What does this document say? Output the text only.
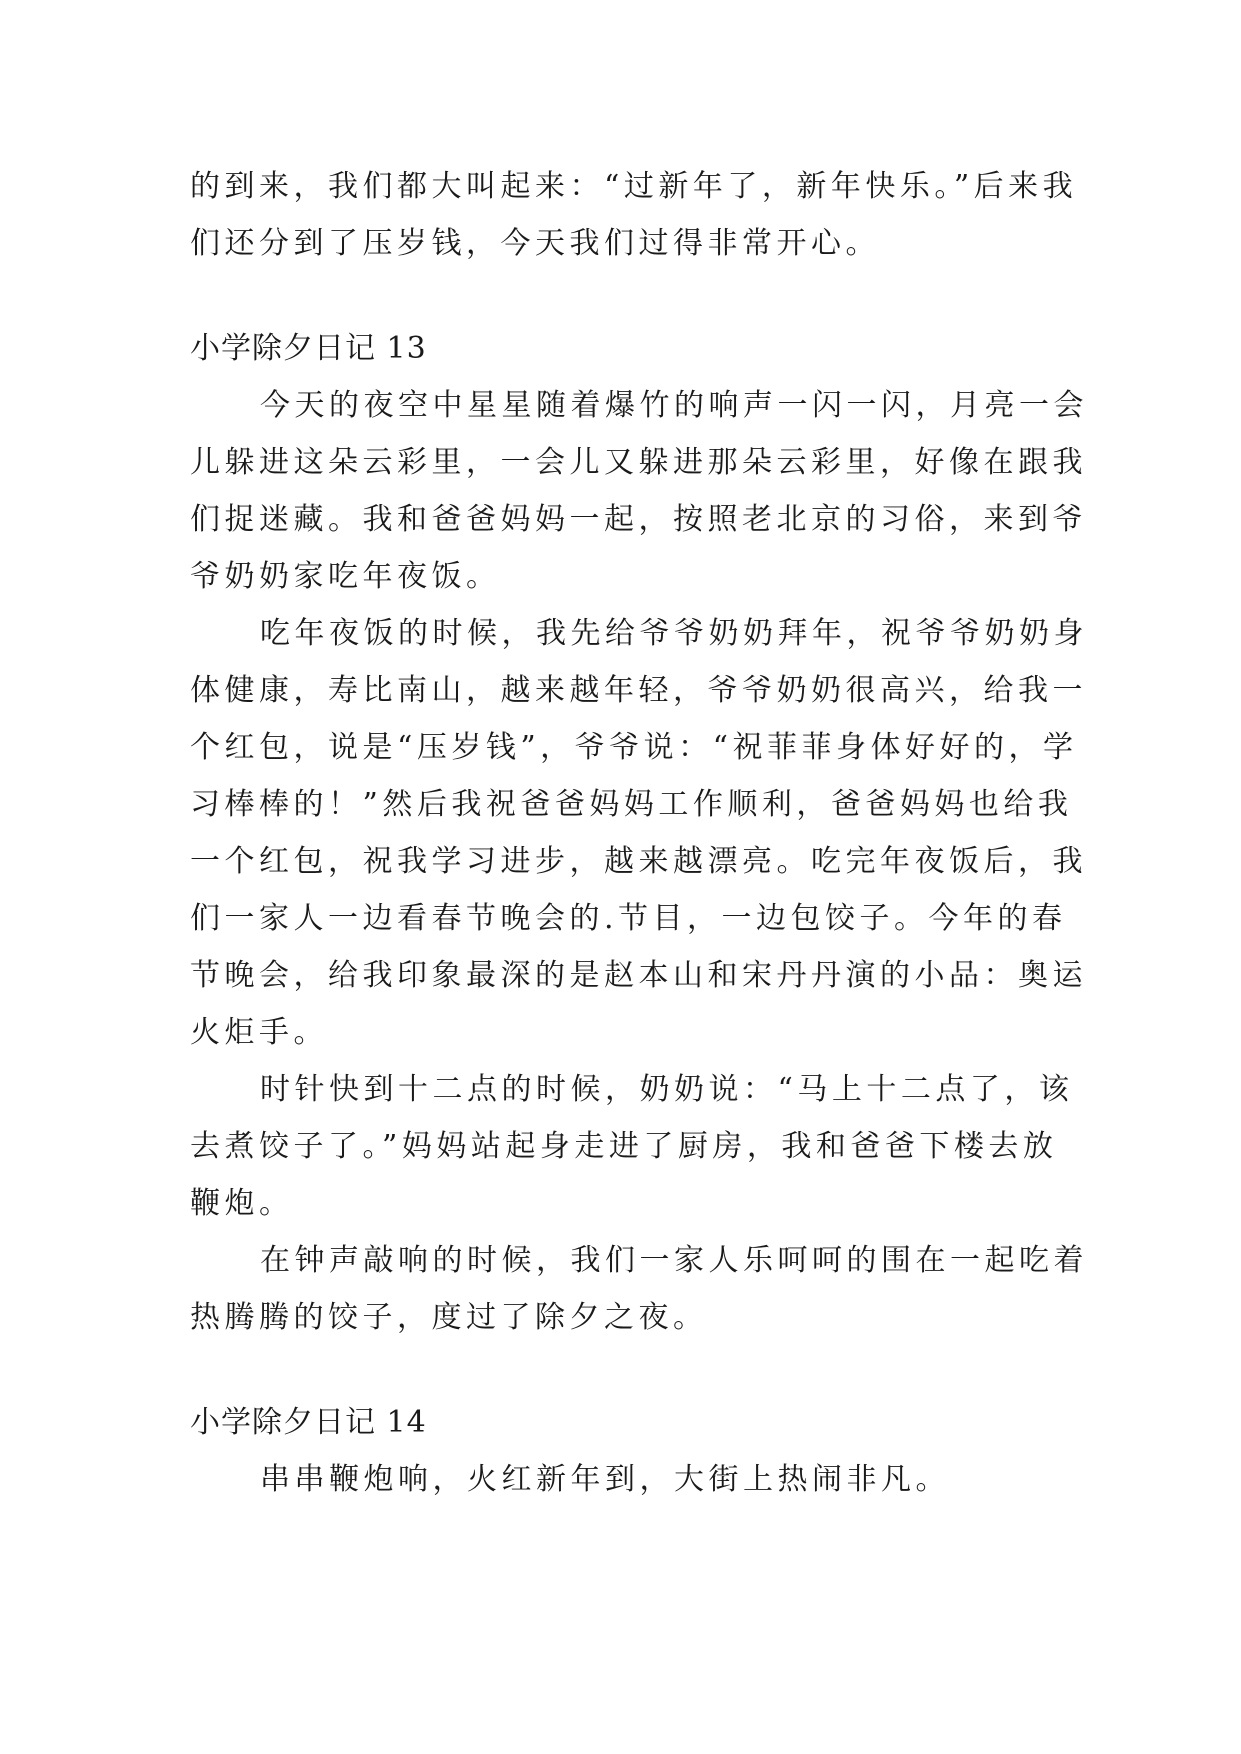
的到来，我们都大叫起来：“过新年了，新年快乐。”后来我
们还分到了压岁钱，今天我们过得非常开心。
小学除夕日记 13
今天的夜空中星星随着爆竹的响声一闪一闪，月亮一会
儿躲进这朵云彩里，一会儿又躲进那朵云彩里，好像在跟我
们捉迷藏。我和爸爸妈妈一起，按照老北京的习俗，来到爷
爷奶奶家吃年夜饭。
吃年夜饭的时候，我先给爷爷奶奶拜年，祝爷爷奶奶身
体健康，寿比南山，越来越年轻，爷爷奶奶很高兴，给我一
个红包，说是“压岁钱”，爷爷说：“祝菲菲身体好好的，学
习棒棒的！”然后我祝爸爸妈妈工作顺利，爸爸妈妈也给我
一个红包，祝我学习进步，越来越漂亮。吃完年夜饭后，我
们一家人一边看春节晚会的.节目，一边包饺子。今年的春
节晚会，给我印象最深的是赵本山和宋丹丹演的小品：奥运
火炬手。
时针快到十二点的时候，奶奶说：“马上十二点了，该
去煮饺子了。”妈妈站起身走进了厨房，我和爸爸下楼去放
鞭炮。
在钟声敲响的时候，我们一家人乐呵呵的围在一起吃着
热腾腾的饺子，度过了除夕之夜。
小学除夕日记 14
串串鞭炮响，火红新年到，大街上热闹非凡。
